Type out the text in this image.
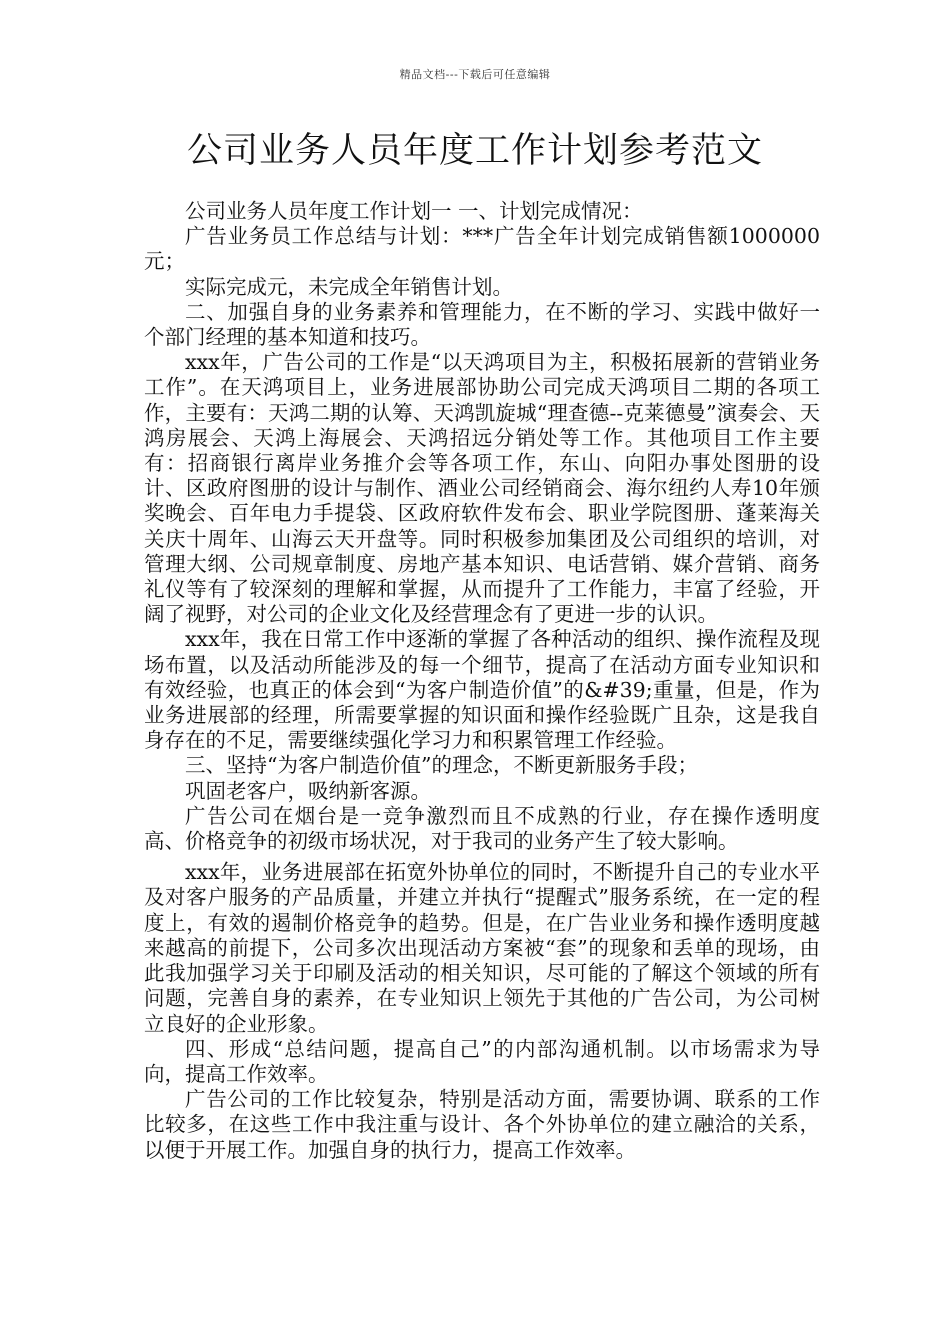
精品文档---下载后可任意编辑
公司业务人员年度工作计划参考范文

公司业务人员年度工作计划一 一、计划完成情况：

广告业务员工作总结与计划：***广告全年计划完成销售额1000000元；

实际完成元，未完成全年销售计划。

二、加强自身的业务素养和管理能力，在不断的学习、实践中做好一个部门经理的基本知道和技巧。

xxx年，广告公司的工作是“以天鸿项目为主，积极拓展新的营销业务工作”。在天鸿项目上，业务进展部协助公司完成天鸿项目二期的各项工作，主要有：天鸿二期的认筹、天鸿凯旋城“理查德--克莱德曼”演奏会、天鸿房展会、天鸿上海展会、天鸿招远分销处等工作。其他项目工作主要有：招商银行离岸业务推介会等各项工作，东山、向阳办事处图册的设计、区政府图册的设计与制作、酒业公司经销商会、海尔纽约人寿10年颁奖晚会、百年电力手提袋、区政府软件发布会、职业学院图册、蓬莱海关关庆十周年、山海云天开盘等。同时积极参加集团及公司组织的培训，对管理大纲、公司规章制度、房地产基本知识、电话营销、媒介营销、商务礼仪等有了较深刻的理解和掌握，从而提升了工作能力，丰富了经验，开阔了视野，对公司的企业文化及经营理念有了更进一步的认识。

xxx年，我在日常工作中逐渐的掌握了各种活动的组织、操作流程及现场布置，以及活动所能涉及的每一个细节，提高了在活动方面专业知识和有效经验，也真正的体会到“为客户制造价值”的&#39;重量，但是，作为业务进展部的经理，所需要掌握的知识面和操作经验既广且杂，这是我自身存在的不足，需要继续强化学习力和积累管理工作经验。

三、坚持“为客户制造价值”的理念，不断更新服务手段；

巩固老客户，吸纳新客源。

广告公司在烟台是一竞争激烈而且不成熟的行业，存在操作透明度高、价格竞争的初级市场状况，对于我司的业务产生了较大影响。

xxx年，业务进展部在拓宽外协单位的同时，不断提升自己的专业水平及对客户服务的产品质量，并建立并执行“提醒式”服务系统，在一定的程度上，有效的遏制价格竞争的趋势。但是，在广告业业务和操作透明度越来越高的前提下，公司多次出现活动方案被“套”的现象和丢单的现场，由此我加强学习关于印刷及活动的相关知识，尽可能的了解这个领域的所有问题，完善自身的素养，在专业知识上领先于其他的广告公司，为公司树立良好的企业形象。

四、形成“总结问题，提高自己”的内部沟通机制。以市场需求为导向，提高工作效率。

广告公司的工作比较复杂，特别是活动方面，需要协调、联系的工作比较多，在这些工作中我注重与设计、各个外协单位的建立融洽的关系，以便于开展工作。加强自身的执行力，提高工作效率。
